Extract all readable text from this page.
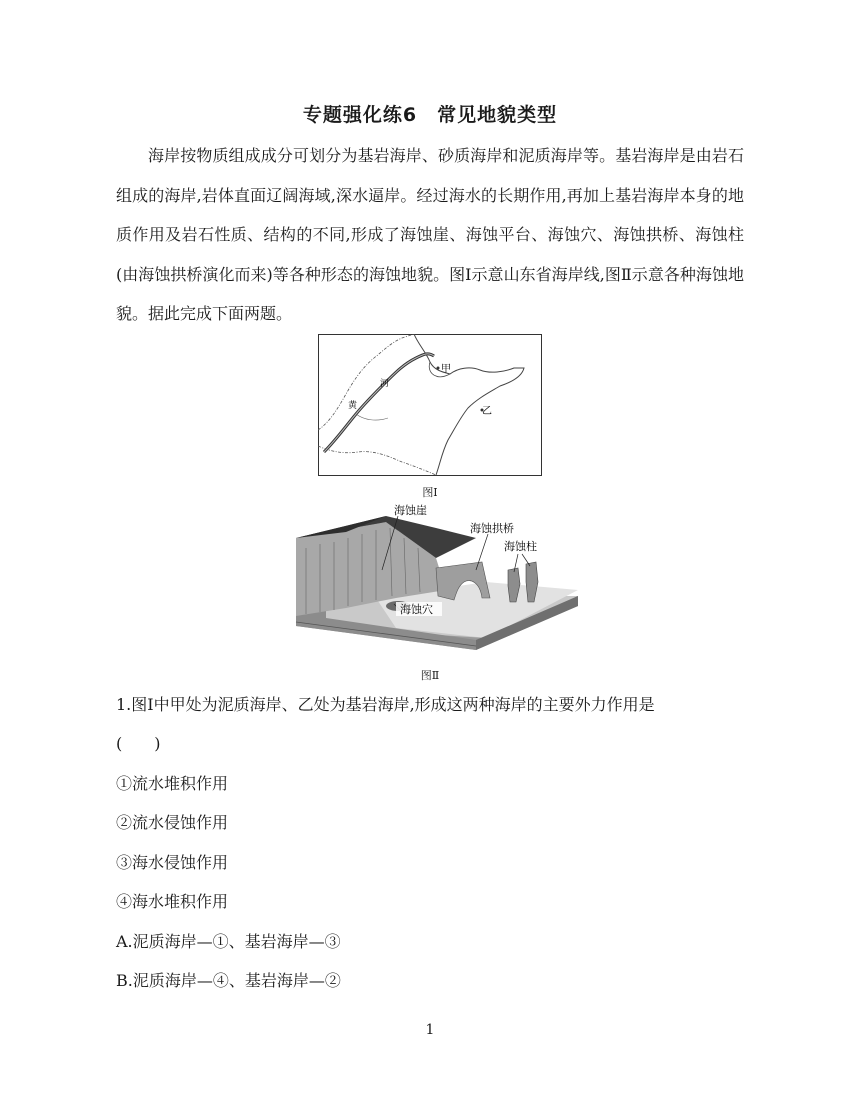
专题强化练6　常见地貌类型
海岸按物质组成成分可划分为基岩海岸、砂质海岸和泥质海岸等。基岩海岸是由岩石组成的海岸,岩体直面辽阔海域,深水逼岸。经过海水的长期作用,再加上基岩海岸本身的地质作用及岩石性质、结构的不同,形成了海蚀崖、海蚀平台、海蚀穴、海蚀拱桥、海蚀柱(由海蚀拱桥演化而来)等各种形态的海蚀地貌。图Ⅰ示意山东省海岸线,图Ⅱ示意各种海蚀地貌。据此完成下面两题。
甲
乙
河
黄
图Ⅰ
海蚀崖
海蚀拱桥
海蚀柱
海蚀穴
图Ⅱ
1.图Ⅰ中甲处为泥质海岸、乙处为基岩海岸,形成这两种海岸的主要外力作用是
(　　)
①流水堆积作用
②流水侵蚀作用
③海水侵蚀作用
④海水堆积作用
A.泥质海岸—①、基岩海岸—③
B.泥质海岸—④、基岩海岸—②
1
